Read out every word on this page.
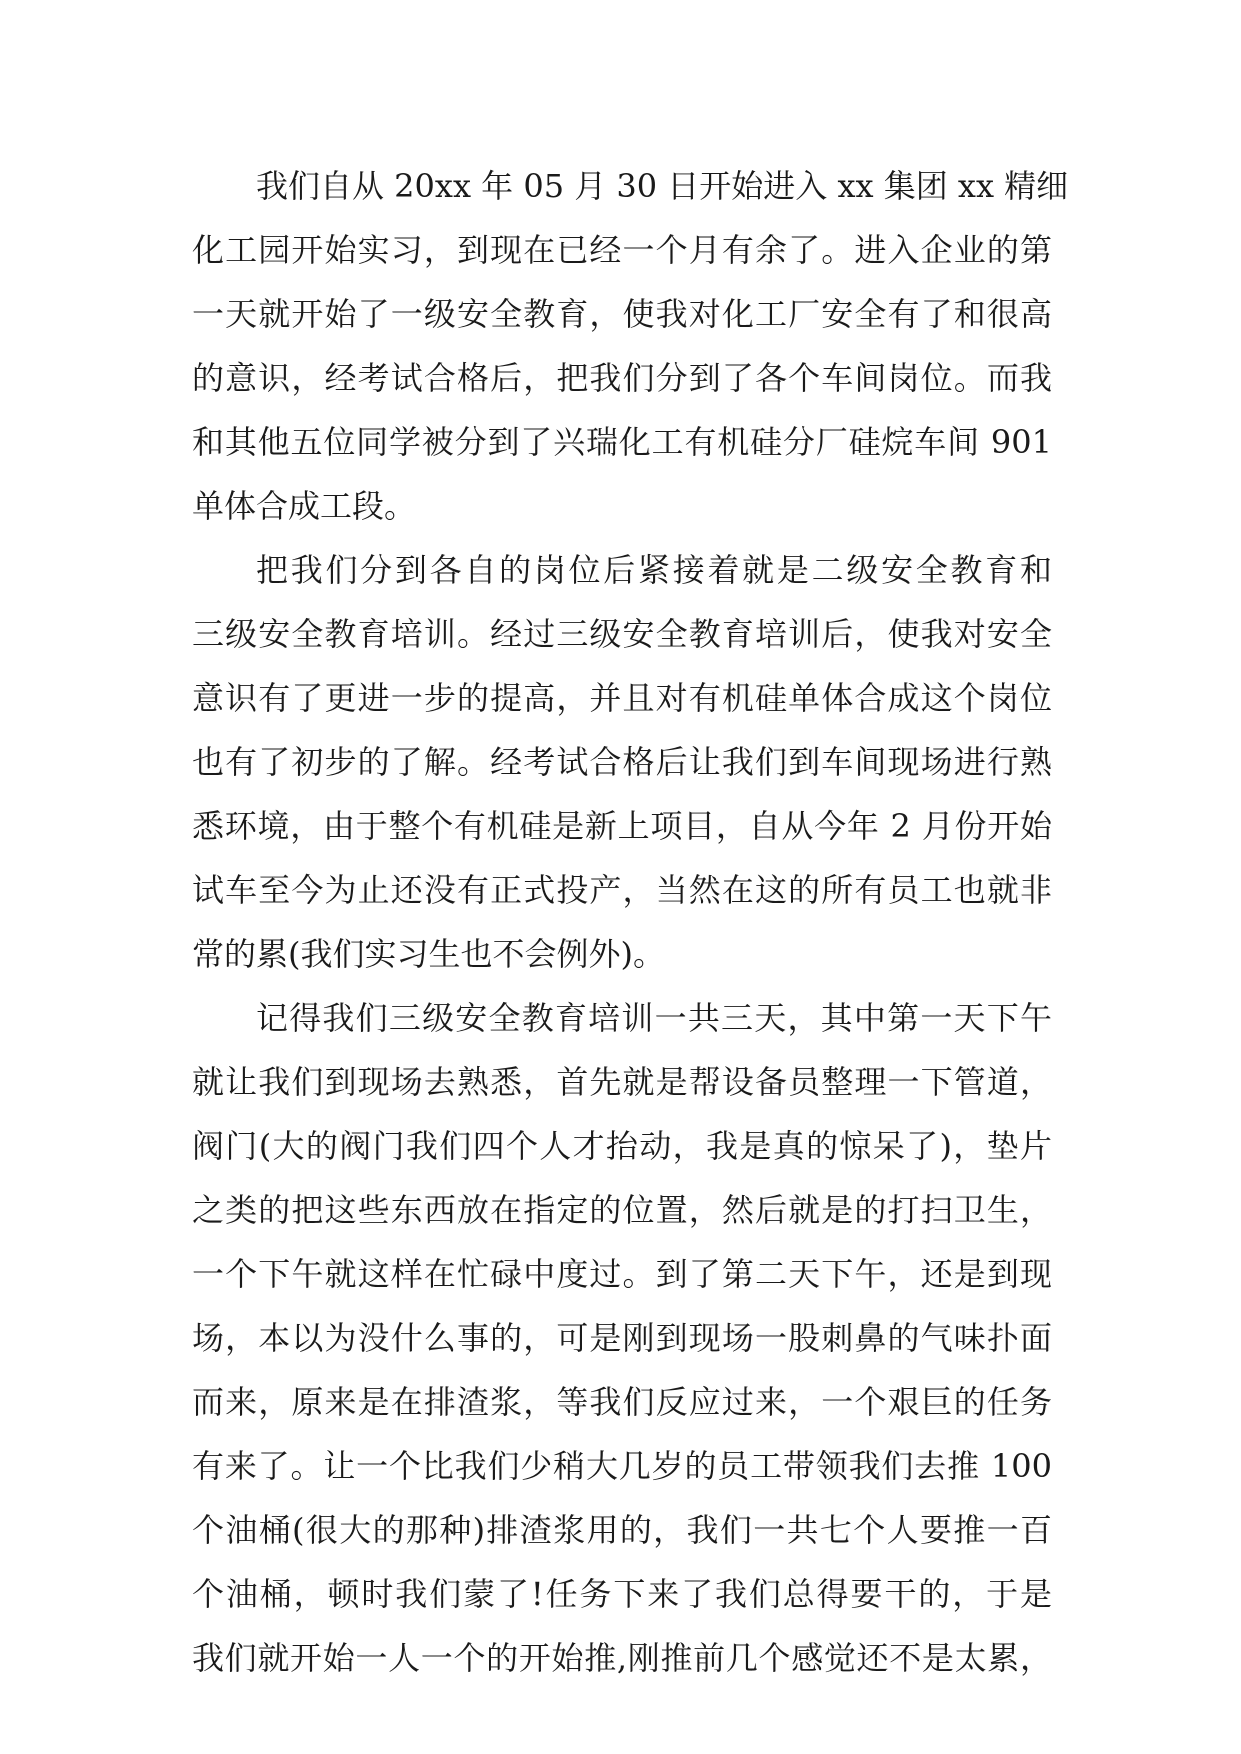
我们自从 20xx 年 05 月 30 日开始进入 xx 集团 xx 精细
化工园开始实习，到现在已经一个月有余了。进入企业的第
一天就开始了一级安全教育，使我对化工厂安全有了和很高
的意识，经考试合格后，把我们分到了各个车间岗位。而我
和其他五位同学被分到了兴瑞化工有机硅分厂硅烷车间 901
单体合成工段。
把我们分到各自的岗位后紧接着就是二级安全教育和
三级安全教育培训。经过三级安全教育培训后，使我对安全
意识有了更进一步的提高，并且对有机硅单体合成这个岗位
也有了初步的了解。经考试合格后让我们到车间现场进行熟
悉环境，由于整个有机硅是新上项目，自从今年 2 月份开始
试车至今为止还没有正式投产，当然在这的所有员工也就非
常的累(我们实习生也不会例外)。
记得我们三级安全教育培训一共三天，其中第一天下午
就让我们到现场去熟悉，首先就是帮设备员整理一下管道，
阀门(大的阀门我们四个人才抬动，我是真的惊呆了)，垫片
之类的把这些东西放在指定的位置，然后就是的打扫卫生，
一个下午就这样在忙碌中度过。到了第二天下午，还是到现
场，本以为没什么事的，可是刚到现场一股刺鼻的气味扑面
而来，原来是在排渣浆，等我们反应过来，一个艰巨的任务
有来了。让一个比我们少稍大几岁的员工带领我们去推 100
个油桶(很大的那种)排渣浆用的，我们一共七个人要推一百
个油桶，顿时我们蒙了!任务下来了我们总得要干的，于是
我们就开始一人一个的开始推,刚推前几个感觉还不是太累，
